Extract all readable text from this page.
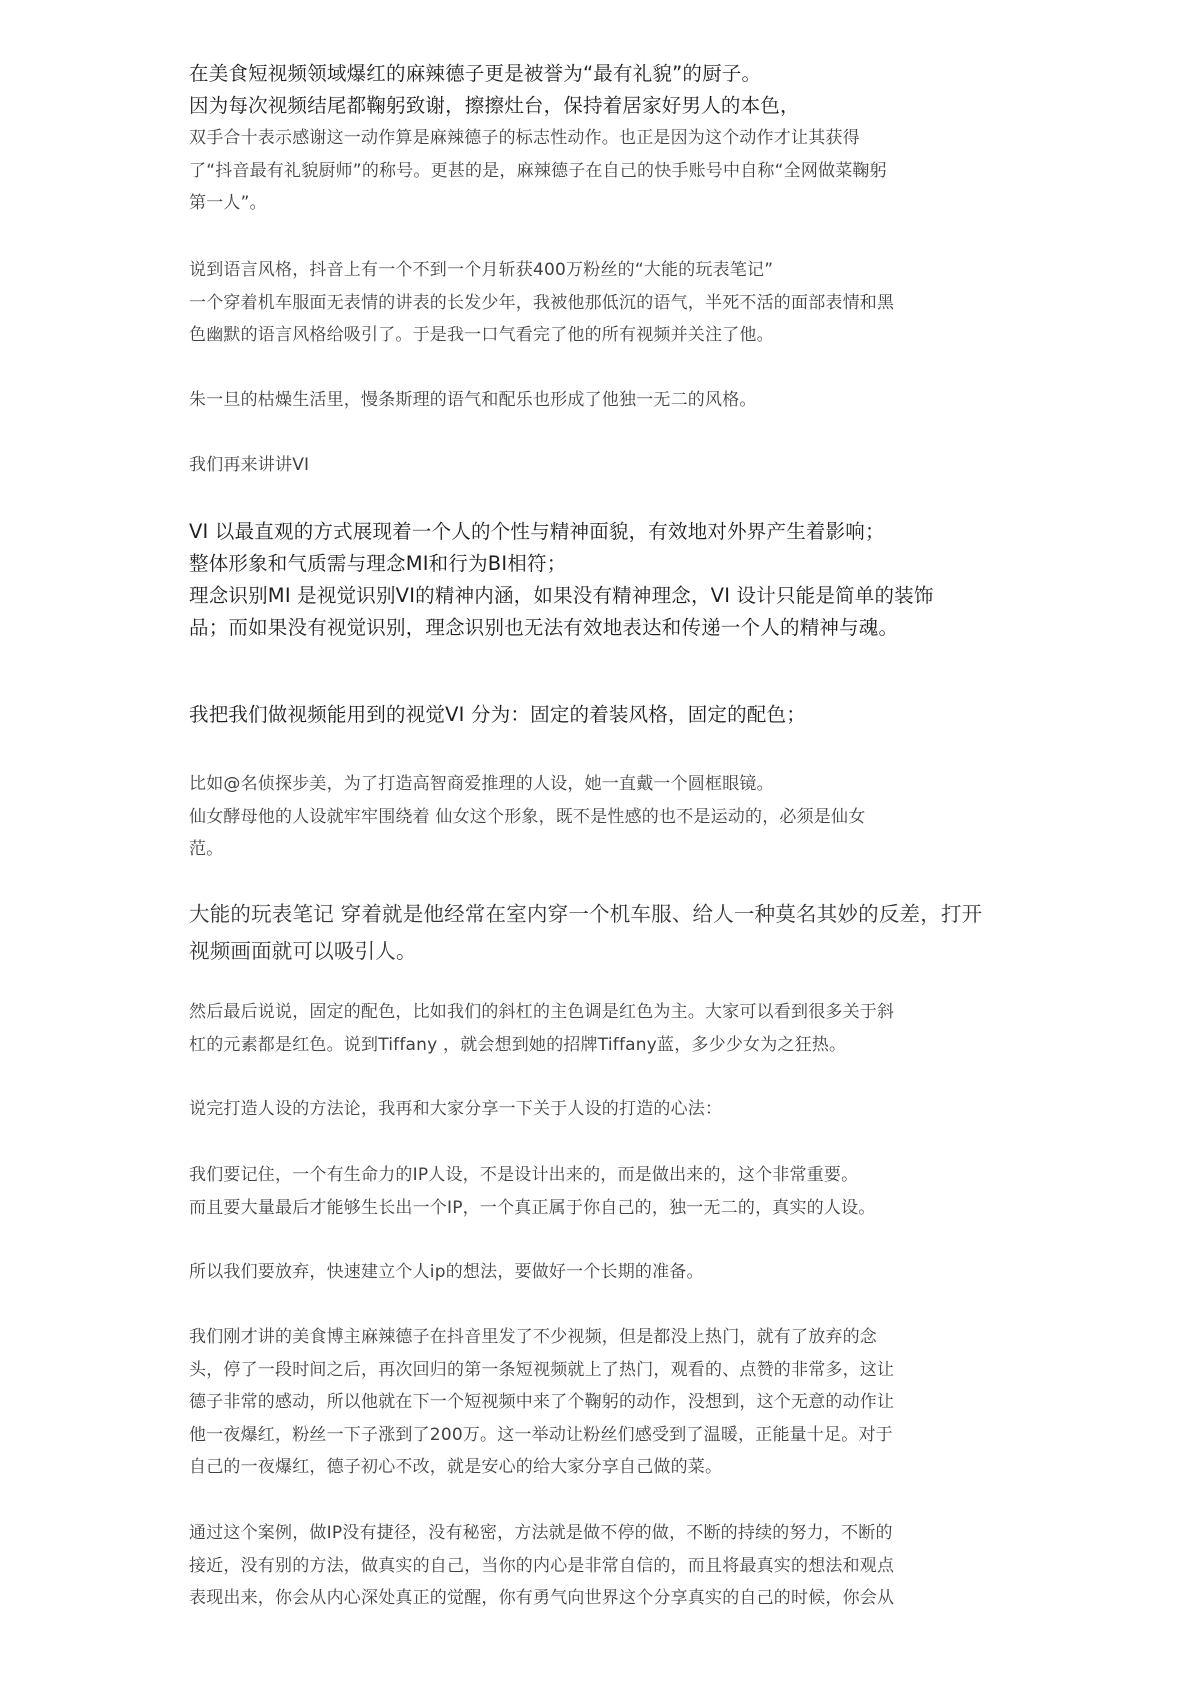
在美食短视频领域爆红的麻辣德子更是被誉为“最有礼貌”的厨子。
因为每次视频结尾都鞠躬致谢，擦擦灶台，保持着居家好男人的本色，
双手合十表示感谢这一动作算是麻辣德子的标志性动作。也正是因为这个动作才让其获得
了“抖音最有礼貌厨师”的称号。更甚的是，麻辣德子在自己的快手账号中自称“全网做菜鞠躬
第一人”。
说到语言风格，抖音上有一个不到一个月斩获400万粉丝的“大能的玩表笔记”
一个穿着机车服面无表情的讲表的长发少年，我被他那低沉的语气，半死不活的面部表情和黑
色幽默的语言风格给吸引了。于是我一口气看完了他的所有视频并关注了他。
朱一旦的枯燥生活里，慢条斯理的语气和配乐也形成了他独一无二的风格。
我们再来讲讲VI
VI 以最直观的方式展现着一个人的个性与精神面貌，有效地对外界产生着影响；
整体形象和气质需与理念MI和行为BI相符；
理念识别MI 是视觉识别VI的精神内涵，如果没有精神理念，VI 设计只能是简单的装饰
品；而如果没有视觉识别，理念识别也无法有效地表达和传递一个人的精神与魂。
我把我们做视频能用到的视觉VI 分为：固定的着装风格，固定的配色；
比如@名侦探步美，为了打造高智商爱推理的人设，她一直戴一个圆框眼镜。
仙女酵母他的人设就牢牢围绕着 仙女这个形象，既不是性感的也不是运动的，必须是仙女
范。
大能的玩表笔记 穿着就是他经常在室内穿一个机车服、给人一种莫名其妙的反差，打开
视频画面就可以吸引人。
然后最后说说，固定的配色，比如我们的斜杠的主色调是红色为主。大家可以看到很多关于斜
杠的元素都是红色。说到Tiffany ，就会想到她的招牌Tiffany蓝，多少少女为之狂热。
说完打造人设的方法论，我再和大家分享一下关于人设的打造的心法：
我们要记住，一个有生命力的IP人设，不是设计出来的，而是做出来的，这个非常重要。
而且要大量最后才能够生长出一个IP，一个真正属于你自己的，独一无二的，真实的人设。
所以我们要放弃，快速建立个人ip的想法，要做好一个长期的准备。
我们刚才讲的美食博主麻辣德子在抖音里发了不少视频，但是都没上热门，就有了放弃的念
头，停了一段时间之后，再次回归的第一条短视频就上了热门，观看的、点赞的非常多，这让
德子非常的感动，所以他就在下一个短视频中来了个鞠躬的动作，没想到，这个无意的动作让
他一夜爆红，粉丝一下子涨到了200万。这一举动让粉丝们感受到了温暖，正能量十足。对于
自己的一夜爆红，德子初心不改，就是安心的给大家分享自己做的菜。
通过这个案例，做IP没有捷径，没有秘密，方法就是做不停的做，不断的持续的努力，不断的
接近，没有别的方法，做真实的自己，当你的内心是非常自信的，而且将最真实的想法和观点
表现出来，你会从内心深处真正的觉醒，你有勇气向世界这个分享真实的自己的时候，你会从
